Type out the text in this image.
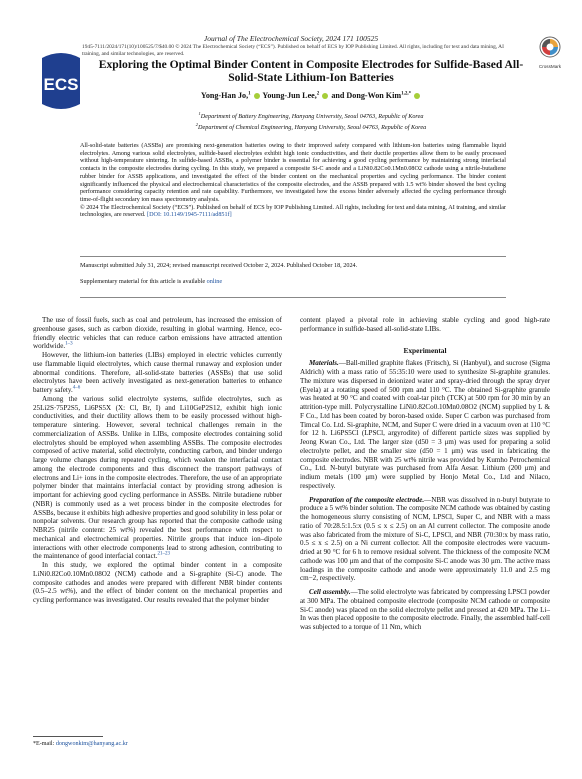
ECS
Journal of The Electrochemical Society, 2024 171 100525
1945-7111/2024/171(10)/100525/7/$40.00 © 2024 The Electrochemical Society (“ECS”). Published on behalf of ECS by IOP Publishing Limited. All rights, including for text and data mining, AI training, and similar technologies, are reserved.
CrossMark
Exploring the Optimal Binder Content in Composite Electrodes for Sulfide-Based All-Solid-State Lithium-Ion Batteries
Yong-Han Jo,$^1$ Young-Jun Lee,$^2$ and Dong-Won Kim$^{1,2,*}$
$^1$Department of Battery Engineering, Hanyang University, Seoul 04763, Republic of Korea
$^2$Department of Chemical Engineering, Hanyang University, Seoul 04763, Republic of Korea
All-solid-state batteries (ASSBs) are promising next-generation batteries owing to their improved safety compared with lithium-ion batteries using flammable liquid electrolytes. Among various solid electrolytes, sulfide-based electrolytes exhibit high ionic conductivities, and their ductile properties allow them to be easily processed without high-temperature sintering. In sulfide-based ASSBs, a polymer binder is essential for achieving a good cycling performance by maintaining strong interfacial contacts in the composite electrodes during cycling. In this study, we prepared a composite Si-C anode and a LiNi0.82Co0.1Mn0.08O2 cathode using a nitrile-butadiene rubber binder for ASSB applications, and investigated the effect of the binder content on the mechanical properties and cycling performance. The binder content significantly influenced the physical and electrochemical characteristics of the composite electrodes, and the ASSB prepared with 1.5 wt% binder showed the best cycling performance considering capacity retention and rate capability. Furthermore, we investigated how the excess binder adversely affected the cycling performance through time-of-flight secondary ion mass spectrometry analysis.
© 2024 The Electrochemical Society (“ECS”). Published on behalf of ECS by IOP Publishing Limited. All rights, including for text and data mining, AI training, and similar technologies, are reserved. [DOI: 10.1149/1945-7111/ad851f]
Manuscript submitted July 31, 2024; revised manuscript received October 2, 2024. Published October 18, 2024.
Supplementary material for this article is available online

The use of fossil fuels, such as coal and petroleum, has increased the emission of greenhouse gases, such as carbon dioxide, resulting in global warming. Hence, eco-friendly electric vehicles that can reduce carbon emissions have attracted attention worldwide.$^{1-3}$

However, the lithium-ion batteries (LIBs) employed in electric vehicles currently use flammable liquid electrolytes, which cause thermal runaway and explosion under abnormal conditions. Therefore, all-solid-state batteries (ASSBs) that use solid electrolytes have been actively investigated as next-generation batteries to enhance battery safety.$^{4-6}$

Among the various solid electrolyte systems, sulfide electrolytes, such as 25Li2S·75P2S5, Li6PS5X (X: Cl, Br, I) and Li10GeP2S12, exhibit high ionic conductivities, and their ductility allows them to be easily processed without high-temperature sintering. However, several technical challenges remain in the commercialization of ASSBs. Unlike in LIBs, composite electrodes containing solid electrolytes should be employed when assembling ASSBs. The composite electrodes composed of active material, solid electrolyte, conducting carbon, and binder undergo large volume changes during repeated cycling, which weaken the interfacial contact among the electrode components and thus disconnect the transport pathways of electrons and Li+ ions in the composite electrodes. Therefore, the use of an appropriate polymer binder that maintains interfacial contact by providing strong adhesion is important for achieving good cycling performance in ASSBs. Nitrile butadiene rubber (NBR) is commonly used as a wet process binder in the composite electrodes for ASSBs, because it exhibits high adhesive properties and good solubility in less polar or nonpolar solvents. Our research group has reported that the composite cathode using NBR25 (nitrile content: 25 wt%) revealed the best performance with respect to mechanical and electrochemical properties. Nitrile groups that induce ion–dipole interactions with other electrode components lead to strong adhesion, contributing to the maintenance of good interfacial contact.$^{21-23}$

In this study, we explored the optimal binder content in a composite LiNi0.82Co0.10Mn0.08O2 (NCM) cathode and a Si-graphite (Si-C) anode. The composite cathodes and anodes were prepared with different NBR binder contents (0.5–2.5 wt%), and the effect of binder content on the mechanical properties and cycling performance was investigated. Our results revealed that the polymer binder

content played a pivotal role in achieving stable cycling and good high-rate performance in sulfide-based all-solid-state LIBs.

Experimental

Materials.—Ball-milled graphite flakes (Fritsch), Si (Hanbyul), and sucrose (Sigma Aldrich) with a mass ratio of 55:35:10 were used to synthesize Si-graphite granules. The mixture was dispersed in deionized water and spray-dried through the spray dryer (Eyela) at a rotating speed of 500 rpm and 110 °C. The obtained Si-graphite granule was heated at 90 °C and coated with coal-tar pitch (TCK) at 500 rpm for 30 min by an attrition-type mill. Polycrystalline LiNi0.82Co0.10Mn0.08O2 (NCM) supplied by L & F Co., Ltd has been coated by boron-based oxide. Super C carbon was purchased from Timcal Co. Ltd. Si-graphite, NCM, and Super C were dried in a vacuum oven at 110 °C for 12 h. Li6PS5Cl (LPSCl, argyrodite) of different particle sizes was supplied by Jeong Kwan Co., Ltd. The larger size (d50 = 3 μm) was used for preparing a solid electrolyte pellet, and the smaller size (d50 = 1 μm) was used in fabricating the composite electrodes. NBR with 25 wt% nitrile was provided by Kumho Petrochemical Co., Ltd. N-butyl butyrate was purchased from Alfa Aesar. Lithium (200 μm) and indium metals (100 μm) were supplied by Honjo Metal Co., Ltd and Nilaco, respectively.

Preparation of the composite electrode.—NBR was dissolved in n-butyl butyrate to produce a 5 wt% binder solution. The composite NCM cathode was obtained by casting the homogeneous slurry consisting of NCM, LPSCl, Super C, and NBR with a mass ratio of 70:28.5:1.5:x (0.5 ≤ x ≤ 2.5) on an Al current collector. The composite anode was also fabricated from the mixture of Si-C, LPSCl, and NBR (70:30:x by mass ratio, 0.5 ≤ x ≤ 2.5) on a Ni current collector. All the composite electrodes were vacuum-dried at 90 °C for 6 h to remove residual solvent. The thickness of the composite NCM cathode was 100 μm and that of the composite Si-C anode was 30 μm. The active mass loadings in the composite cathode and anode were approximately 11.0 and 2.5 mg cm−2, respectively.

Cell assembly.—The solid electrolyte was fabricated by compressing LPSCl powder at 300 MPa. The obtained composite electrode (composite NCM cathode or composite Si-C anode) was placed on the solid electrolyte pellet and pressed at 420 MPa. The Li–In was then placed opposite to the composite electrode. Finally, the assembled half-cell was subjected to a torque of 11 Nm, which

*E-mail: dongwonkim@hanyang.ac.kr
